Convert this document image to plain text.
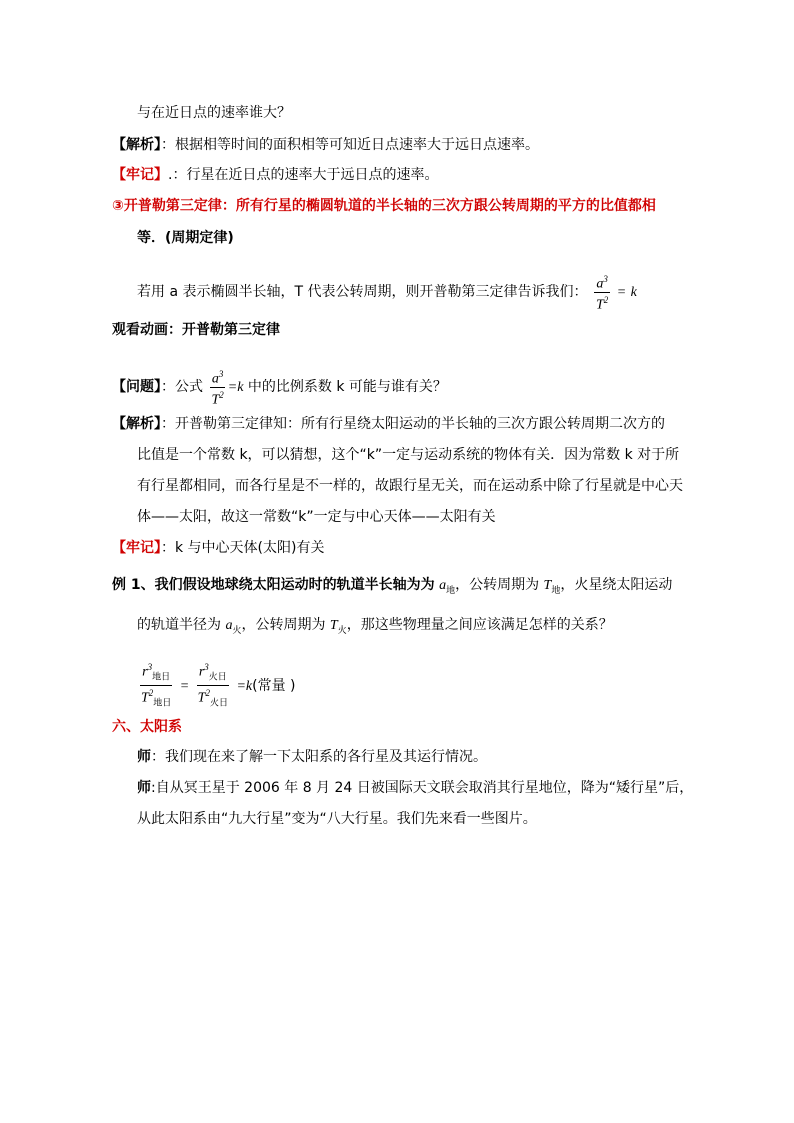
与在近日点的速率谁大？
【解析】：根据相等时间的面积相等可知近日点速率大于远日点速率。
【牢记】.：行星在近日点的速率大于远日点的速率。
③开普勒第三定律：所有行星的椭圆轨道的半长轴的三次方跟公转周期的平方的比值都相
等．(周期定律)
若用 a 表示椭圆半长轴，T 代表公转周期，则开普勒第三定律告诉我们： $\frac{a^3}{T^2} = k$
观看动画：开普勒第三定律
【问题】：公式 $\frac{a^3}{T^2} =k$ 中的比例系数 k 可能与谁有关？
【解析】：开普勒第三定律知：所有行星绕太阳运动的半长轴的三次方跟公转周期二次方的
比值是一个常数 k，可以猜想，这个“k”一定与运动系统的物体有关．因为常数 k 对于所
有行星都相同，而各行星是不一样的，故跟行星无关，而在运动系中除了行星就是中心天
体——太阳，故这一常数“k”一定与中心天体——太阳有关
【牢记】：k 与中心天体(太阳)有关
例 1、我们假设地球绕太阳运动时的轨道半长轴为为 $a_地$，公转周期为 $T_地$，火星绕太阳运动
的轨道半径为 $a_火$，公转周期为 $T_火$，那这些物理量之间应该满足怎样的关系？
$\frac{r^3_{地日}}{T^2_{地日}} = \frac{r^3_{火日}}{T^2_{火日}} =k$(常量 )
六、太阳系
师：我们现在来了解一下太阳系的各行星及其运行情况。
师:自从冥王星于 2006 年 8 月 24 日被国际天文联会取消其行星地位，降为“矮行星”后，
从此太阳系由“九大行星”变为“八大行星。我们先来看一些图片。
